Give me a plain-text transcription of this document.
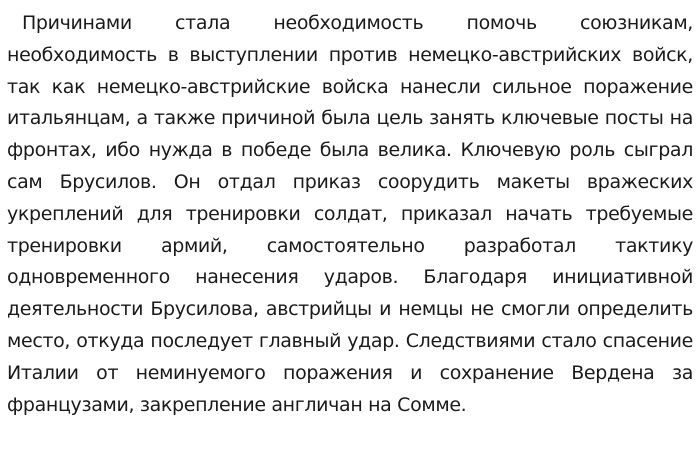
Причинами стала необходимость помочь союзникам, необходимость в выступлении против немецко-австрийских войск, так как немецко-австрийские войска нанесли сильное поражение итальянцам, а также причиной была цель занять ключевые посты на фронтах, ибо нужда в победе была велика. Ключевую роль сыграл сам Брусилов. Он отдал приказ соорудить макеты вражеских укреплений для тренировки солдат, приказал начать требуемые тренировки армий, самостоятельно разработал тактику одновременного нанесения ударов. Благодаря инициативной деятельности Брусилова, австрийцы и немцы не смогли определить место, откуда последует главный удар. Следствиями стало спасение Италии от неминуемого поражения и сохранение Вердена за французами, закрепление англичан на Сомме.
